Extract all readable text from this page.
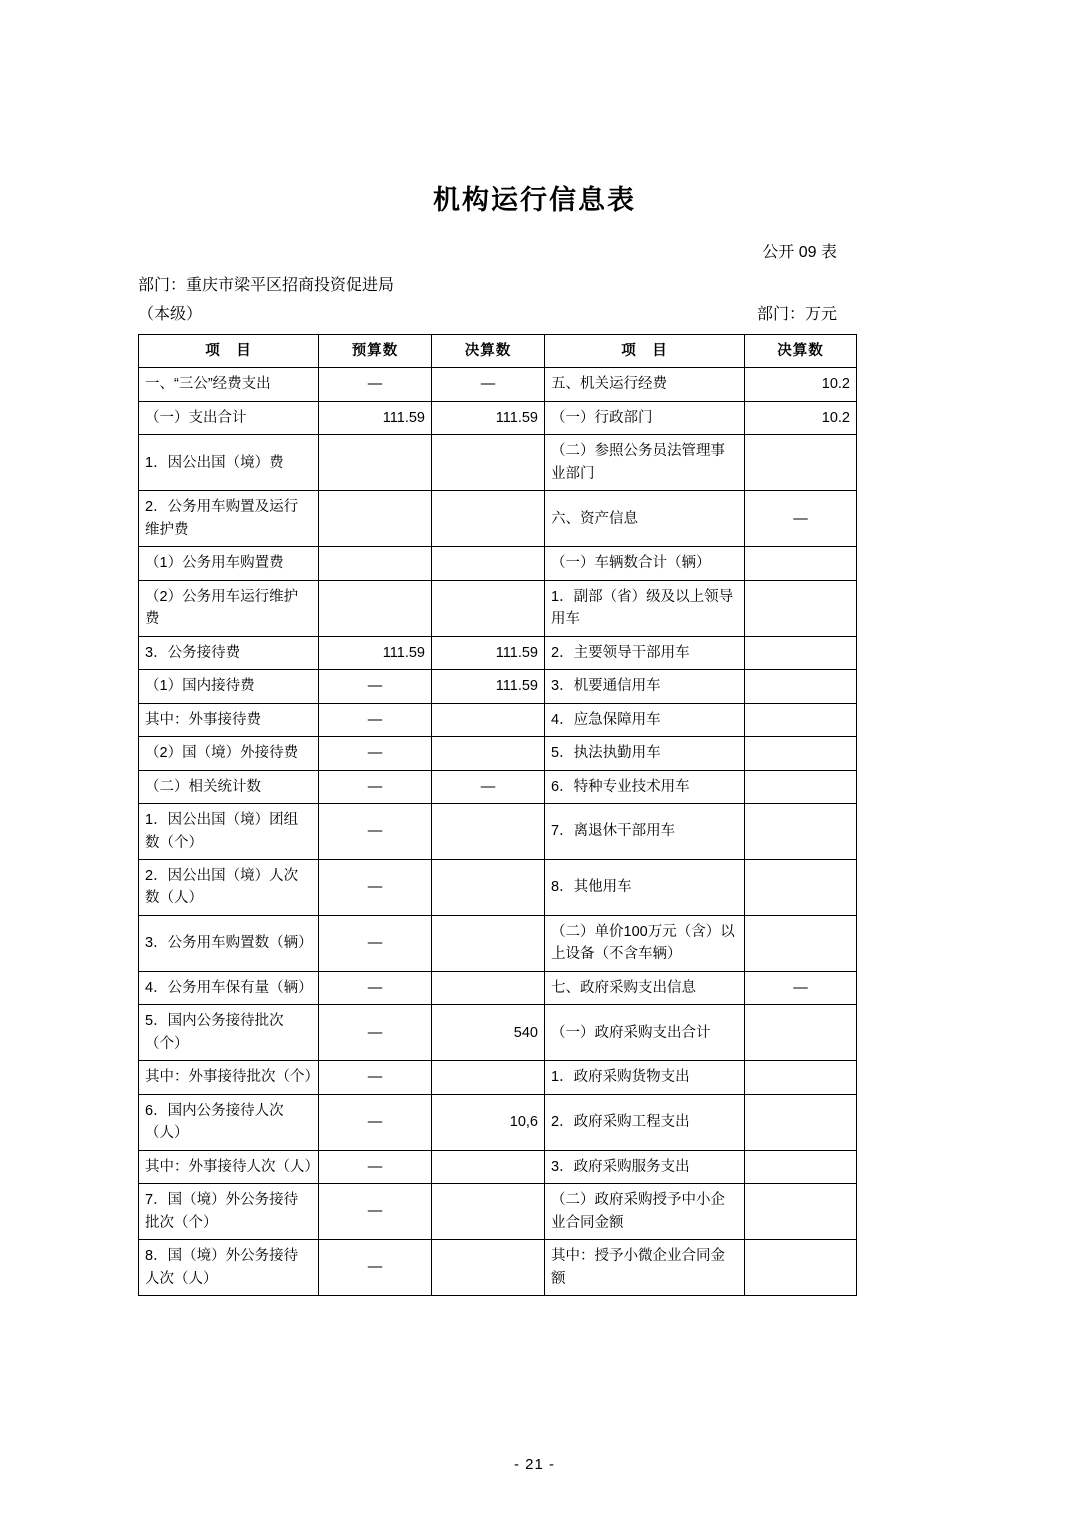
机构运行信息表
公开 09 表
部门：重庆市梁平区招商投资促进局
（本级）	部门：万元
项　目	预算数	决算数	项　目	决算数
一、“三公”经费支出	—	—	五、机关运行经费	10.2
（一）支出合计	111.59	111.59	（一）行政部门	10.2
1．因公出国（境）费			（二）参照公务员法管理事业部门	
2．公务用车购置及运行维护费			六、资产信息	—
（1）公务用车购置费			（一）车辆数合计（辆）	
（2）公务用车运行维护费			1．副部（省）级及以上领导用车	
3．公务接待费	111.59	111.59	2．主要领导干部用车	
（1）国内接待费	—	111.59	3．机要通信用车	
其中：外事接待费	—		4．应急保障用车	
（2）国（境）外接待费	—		5．执法执勤用车	
（二）相关统计数	—	—	6．特种专业技术用车	
1．因公出国（境）团组数（个）	—		7．离退休干部用车	
2．因公出国（境）人次数（人）	—		8．其他用车	
3．公务用车购置数（辆）	—		（二）单价100万元（含）以上设备（不含车辆）	
4．公务用车保有量（辆）	—		七、政府采购支出信息	—
5．国内公务接待批次（个）	—	540	（一）政府采购支出合计	
其中：外事接待批次（个）	—		1．政府采购货物支出	
6．国内公务接待人次（人）	—	10,6	2．政府采购工程支出	
其中：外事接待人次（人）	—		3．政府采购服务支出	
7．国（境）外公务接待批次（个）	—		（二）政府采购授予中小企业合同金额	
8．国（境）外公务接待人次（人）	—		其中：授予小微企业合同金额	
- 21 -
